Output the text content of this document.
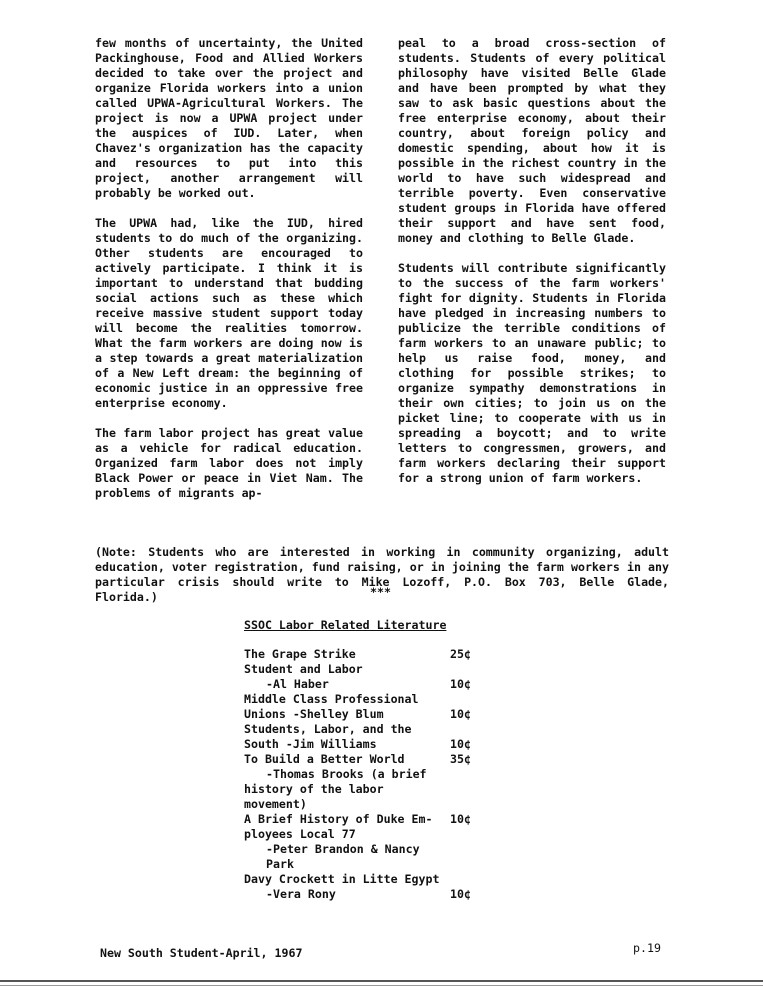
few months of uncertainty, the United Packinghouse, Food and Allied Workers decided to take over the project and organize Florida workers into a union called UPWA-Agricultural Workers. The project is now a UPWA project under the auspices of IUD. Later, when Chavez's organization has the capacity and resources to put into this project, another arrangement will probably be worked out.

The UPWA had, like the IUD, hired students to do much of the organizing. Other students are encouraged to actively participate. I think it is important to understand that budding social actions such as these which receive massive student support today will become the realities tomorrow. What the farm workers are doing now is a step towards a great materialization of a New Left dream: the beginning of economic justice in an oppressive free enterprise economy.

The farm labor project has great value as a vehicle for radical education. Organized farm labor does not imply Black Power or peace in Viet Nam. The problems of migrants ap-

peal to a broad cross-section of students. Students of every political philosophy have visited Belle Glade and have been prompted by what they saw to ask basic questions about the free enterprise economy, about their country, about foreign policy and domestic spending, about how it is possible in the richest country in the world to have such widespread and terrible poverty. Even conservative student groups in Florida have offered their support and have sent food, money and clothing to Belle Glade.

Students will contribute significantly to the success of the farm workers' fight for dignity. Students in Florida have pledged in increasing numbers to publicize the terrible conditions of farm workers to an unaware public; to help us raise food, money, and clothing for possible strikes; to organize sympathy demonstrations in their own cities; to join us on the picket line; to cooperate with us in spreading a boycott; and to write letters to congressmen, growers, and farm workers declaring their support for a strong union of farm workers.

(Note: Students who are interested in working in community organizing, adult education, voter registration, fund raising, or in joining the farm workers in any particular crisis should write to Mike Lozoff, P.O. Box 703, Belle Glade, Florida.)	***

SSOC Labor Related Literature

The Grape Strike	25¢
Student and Labor
-Al Haber	10¢
Middle Class Professional
Unions -Shelley Blum	10¢
Students, Labor, and the
South -Jim Williams	10¢
To Build a Better World	35¢
-Thomas Brooks (a brief
history of the labor movement)
A Brief History of Duke Em- 10¢
ployees Local 77
-Peter Brandon & Nancy Park
Davy Crockett in Litte Egypt
-Vera Rony	10¢

New South Student-April, 1967	p.19
